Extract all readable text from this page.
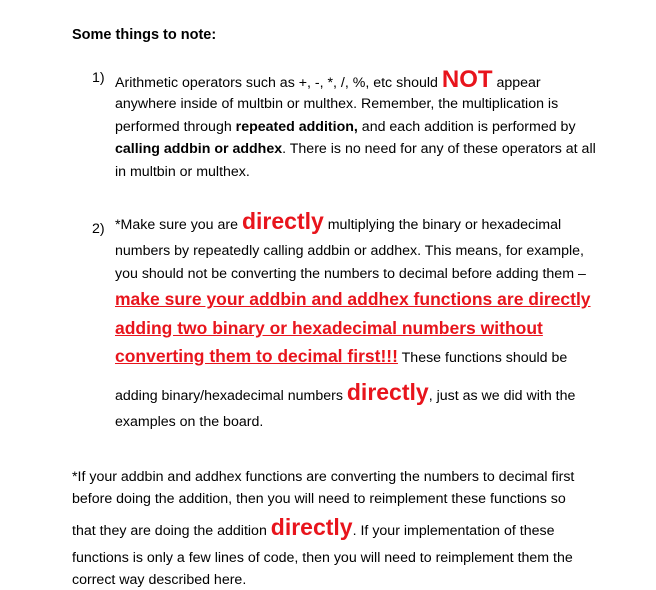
Some things to note:
1) Arithmetic operators such as +, -, *, /, %, etc should NOT appear
anywhere inside of multbin or multhex. Remember, the multiplication is
performed through repeated addition, and each addition is performed by
calling addbin or addhex. There is no need for any of these operators at all
in multbin or multhex.
2) *Make sure you are directly multiplying the binary or hexadecimal
numbers by repeatedly calling addbin or addhex. This means, for example,
you should not be converting the numbers to decimal before adding them –
make sure your addbin and addhex functions are directly
adding two binary or hexadecimal numbers without
converting them to decimal first!!! These functions should be
adding binary/hexadecimal numbers directly, just as we did with the
examples on the board.
*If your addbin and addhex functions are converting the numbers to decimal first
before doing the addition, then you will need to reimplement these functions so
that they are doing the addition directly. If your implementation of these
functions is only a few lines of code, then you will need to reimplement them the
correct way described here.
